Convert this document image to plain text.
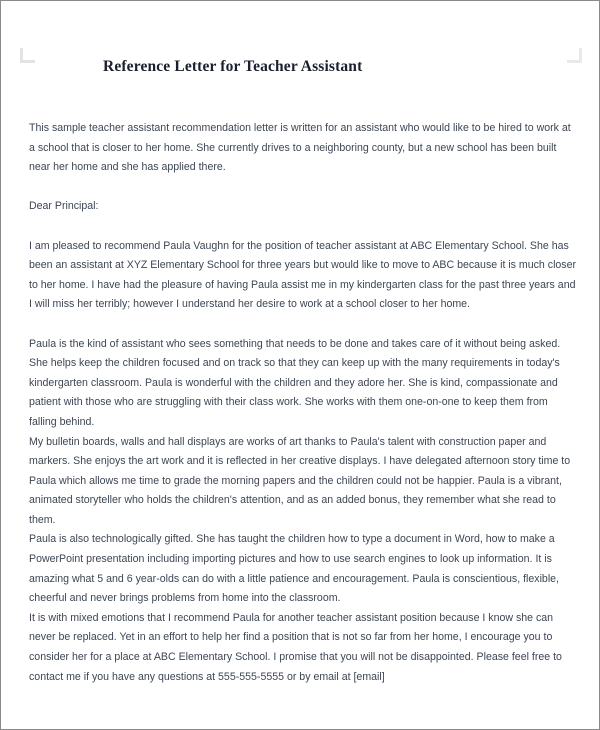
Reference Letter for Teacher Assistant

This sample teacher assistant recommendation letter is written for an assistant who would like to be hired to work at a school that is closer to her home. She currently drives to a neighboring county, but a new school has been built near her home and she has applied there.

Dear Principal:

I am pleased to recommend Paula Vaughn for the position of teacher assistant at ABC Elementary School. She has been an assistant at XYZ Elementary School for three years but would like to move to ABC because it is much closer to her home. I have had the pleasure of having Paula assist me in my kindergarten class for the past three years and I will miss her terribly; however I understand her desire to work at a school closer to her home.

Paula is the kind of assistant who sees something that needs to be done and takes care of it without being asked. She helps keep the children focused and on track so that they can keep up with the many requirements in today's kindergarten classroom. Paula is wonderful with the children and they adore her. She is kind, compassionate and patient with those who are struggling with their class work. She works with them one-on-one to keep them from falling behind.

My bulletin boards, walls and hall displays are works of art thanks to Paula's talent with construction paper and markers. She enjoys the art work and it is reflected in her creative displays. I have delegated afternoon story time to Paula which allows me time to grade the morning papers and the children could not be happier. Paula is a vibrant, animated storyteller who holds the children's attention, and as an added bonus, they remember what she read to them.

Paula is also technologically gifted. She has taught the children how to type a document in Word, how to make a PowerPoint presentation including importing pictures and how to use search engines to look up information. It is amazing what 5 and 6 year-olds can do with a little patience and encouragement. Paula is conscientious, flexible, cheerful and never brings problems from home into the classroom.

It is with mixed emotions that I recommend Paula for another teacher assistant position because I know she can never be replaced. Yet in an effort to help her find a position that is not so far from her home, I encourage you to consider her for a place at ABC Elementary School. I promise that you will not be disappointed. Please feel free to contact me if you have any questions at 555-555-5555 or by email at [email]
